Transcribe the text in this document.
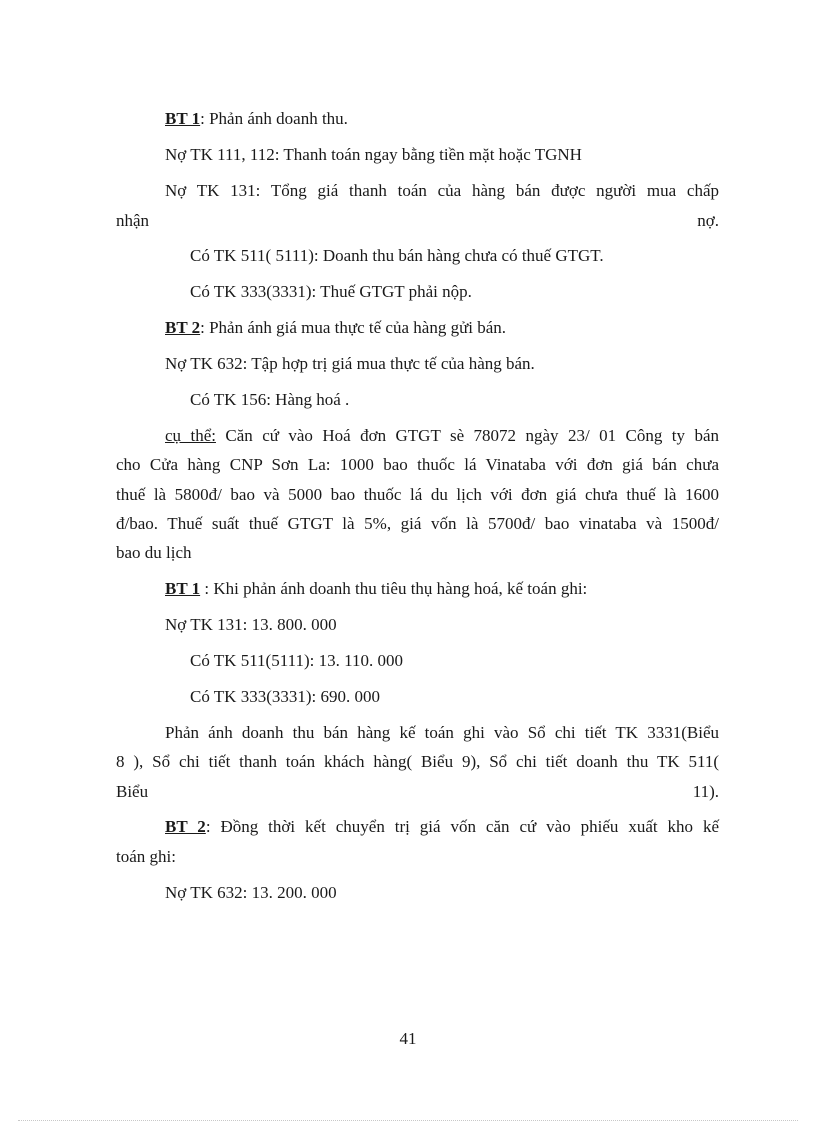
BT 1: Phản ánh doanh thu.
Nợ TK 111, 112: Thanh toán ngay bằng tiền mặt hoặc TGNH
Nợ TK 131: Tổng giá thanh toán của hàng bán được người mua chấp
nhận	nợ.
Có TK 511( 5111): Doanh thu bán hàng chưa có thuế GTGT.
Có TK 333(3331): Thuế GTGT phải nộp.
BT 2: Phản ánh giá mua thực tế của hàng gửi bán.
Nợ TK 632: Tập hợp trị giá mua thực tế của hàng bán.
Có TK 156: Hàng hoá .
cụ thể: Căn cứ vào Hoá đơn GTGT sè 78072 ngày 23/ 01 Công ty bán
cho Cửa hàng CNP Sơn La: 1000 bao thuốc lá Vinataba với đơn giá bán chưa
thuế là 5800đ/ bao và 5000 bao thuốc lá du lịch với đơn giá chưa thuế là 1600
đ/bao. Thuế suất thuế GTGT là 5%, giá vốn là 5700đ/ bao vinataba và 1500đ/
bao du lịch
BT 1 : Khi phản ánh doanh thu tiêu thụ hàng hoá, kế toán ghi:
Nợ TK 131: 13. 800. 000
Có TK 511(5111): 13. 110. 000
Có TK 333(3331): 690. 000
Phản ánh doanh thu bán hàng kế toán ghi vào Sổ chi tiết TK 3331(Biểu
8 ), Sổ chi tiết thanh toán khách hàng( Biểu 9), Sổ chi tiết doanh thu TK 511(
Biểu	11).
BT 2: Đồng thời kết chuyển trị giá vốn căn cứ vào phiếu xuất kho kế
toán ghi:
Nợ TK 632: 13. 200. 000
41
